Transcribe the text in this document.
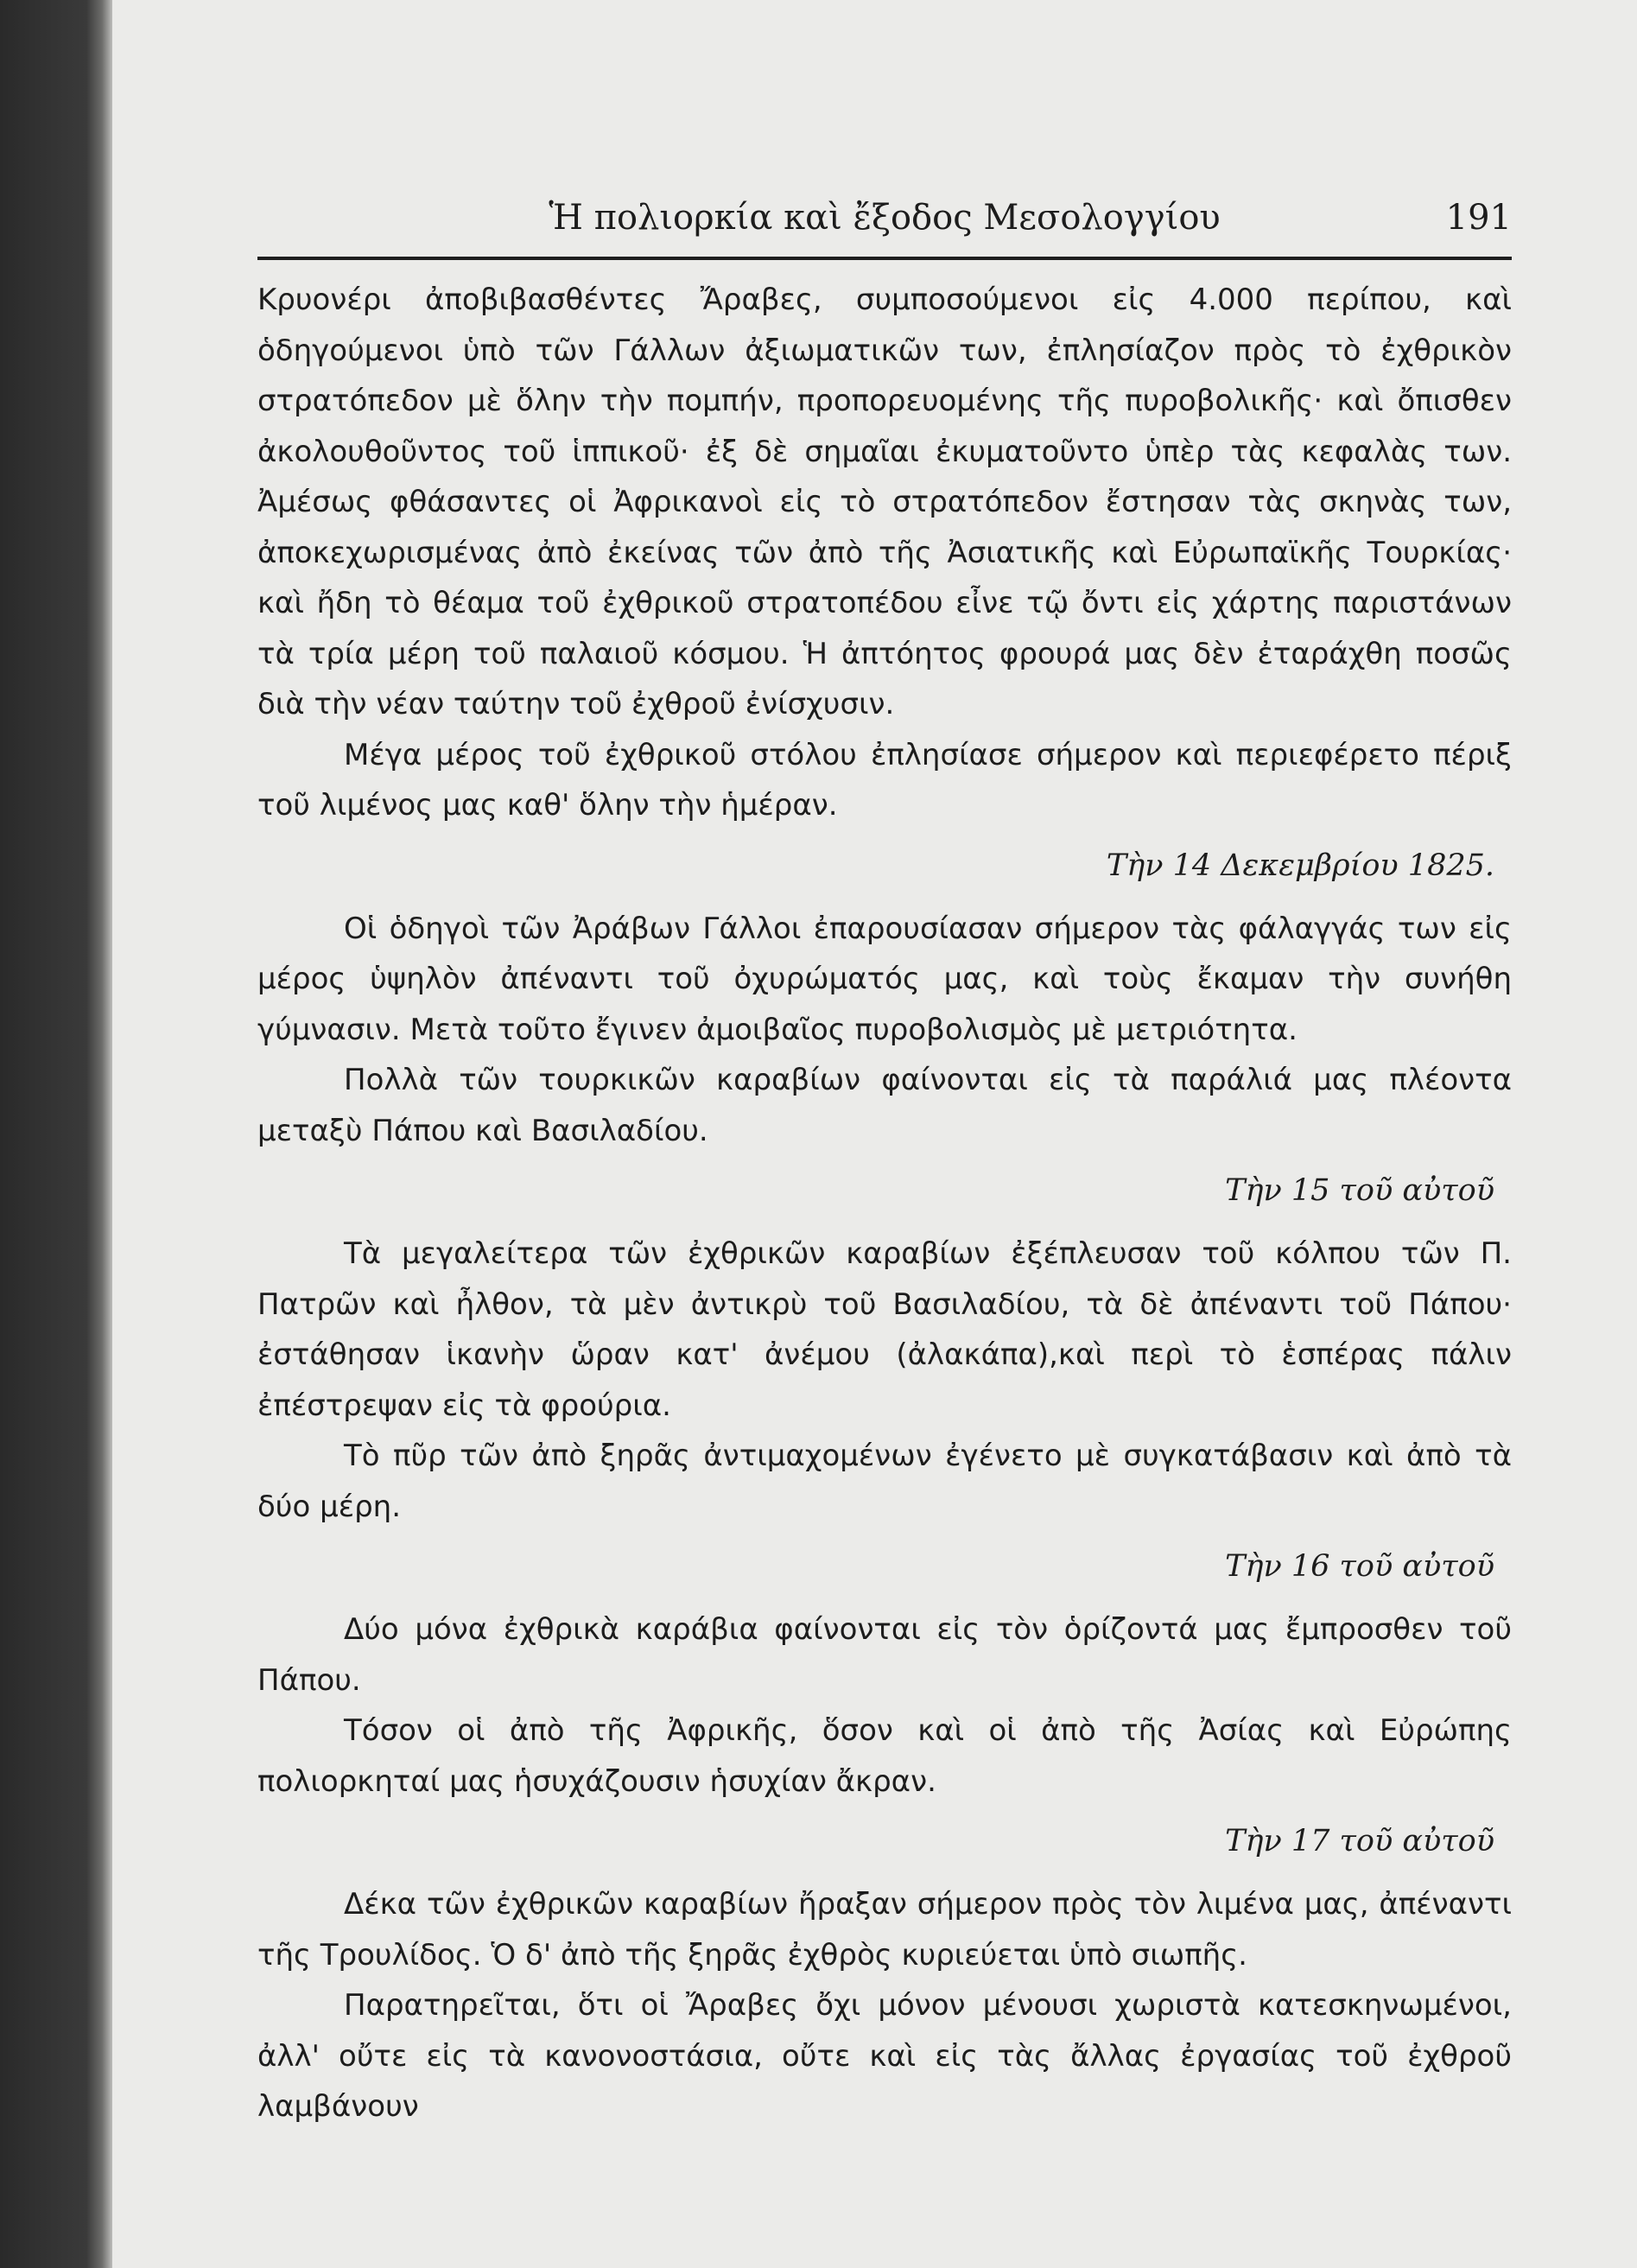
Ἡ πολιορκία καὶ ἔξοδος Μεσολογγίου	191

Κρυονέρι ἀποβιβασθέντες Ἄραβες, συμποσούμενοι εἰς 4.000 περίπου, καὶ ὁδηγούμενοι ὑπὸ τῶν Γάλλων ἀξιωματικῶν των, ἐπλησίαζον πρὸς τὸ ἐχθρικὸν στρατόπεδον μὲ ὅλην τὴν πομπήν, προπορευομένης τῆς πυροβολικῆς· καὶ ὄπισθεν ἀκολουθοῦντος τοῦ ἱππικοῦ· ἐξ δὲ σημαῖαι ἐκυματοῦντο ὑπὲρ τὰς κεφαλὰς των. Ἀμέσως φθάσαντες οἱ Ἀφρικανοὶ εἰς τὸ στρατόπεδον ἔστησαν τὰς σκηνὰς των, ἀποκεχωρισμένας ἀπὸ ἐκείνας τῶν ἀπὸ τῆς Ἀσιατικῆς καὶ Εὐρωπαϊκῆς Τουρκίας· καὶ ἤδη τὸ θέαμα τοῦ ἐχθρικοῦ στρατοπέδου εἶνε τῷ ὄντι εἰς χάρτης παριστάνων τὰ τρία μέρη τοῦ παλαιοῦ κόσμου. Ἡ ἀπτόητος φρουρά μας δὲν ἐταράχθη ποσῶς διὰ τὴν νέαν ταύτην τοῦ ἐχθροῦ ἐνίσχυσιν.

Μέγα μέρος τοῦ ἐχθρικοῦ στόλου ἐπλησίασε σήμερον καὶ περιεφέρετο πέριξ τοῦ λιμένος μας καθ' ὅλην τὴν ἡμέραν.

Τὴν 14 Δεκεμβρίου 1825.

Οἱ ὁδηγοὶ τῶν Ἀράβων Γάλλοι ἐπαρουσίασαν σήμερον τὰς φάλαγγάς των εἰς μέρος ὑψηλὸν ἀπέναντι τοῦ ὀχυρώματός μας, καὶ τοὺς ἔκαμαν τὴν συνήθη γύμνασιν. Μετὰ τοῦτο ἔγινεν ἀμοιβαῖος πυροβολισμὸς μὲ μετριότητα.

Πολλὰ τῶν τουρκικῶν καραβίων φαίνονται εἰς τὰ παράλιά μας πλέοντα μεταξὺ Πάπου καὶ Βασιλαδίου.

Τὴν 15 τοῦ αὐτοῦ

Τὰ μεγαλείτερα τῶν ἐχθρικῶν καραβίων ἐξέπλευσαν τοῦ κόλπου τῶν Π. Πατρῶν καὶ ἦλθον, τὰ μὲν ἀντικρὺ τοῦ Βασιλαδίου, τὰ δὲ ἀπέναντι τοῦ Πάπου· ἐστάθησαν ἱκανὴν ὥραν κατ' ἀνέμου (ἀλακάπα),καὶ περὶ τὸ ἑσπέρας πάλιν ἐπέστρεψαν εἰς τὰ φρούρια.

Τὸ πῦρ τῶν ἀπὸ ξηρᾶς ἀντιμαχομένων ἐγένετο μὲ συγκατάβασιν καὶ ἀπὸ τὰ δύο μέρη.

Τὴν 16 τοῦ αὐτοῦ

Δύο μόνα ἐχθρικὰ καράβια φαίνονται εἰς τὸν ὁρίζοντά μας ἔμπροσθεν τοῦ Πάπου.

Τόσον οἱ ἀπὸ τῆς Ἀφρικῆς, ὅσον καὶ οἱ ἀπὸ τῆς Ἀσίας καὶ Εὐρώπης πολιορκηταί μας ἡσυχάζουσιν ἡσυχίαν ἄκραν.

Τὴν 17 τοῦ αὐτοῦ

Δέκα τῶν ἐχθρικῶν καραβίων ἤραξαν σήμερον πρὸς τὸν λιμένα μας, ἀπέναντι τῆς Τρουλίδος. Ὁ δ' ἀπὸ τῆς ξηρᾶς ἐχθρὸς κυριεύεται ὑπὸ σιωπῆς.

Παρατηρεῖται, ὅτι οἱ Ἄραβες ὄχι μόνον μένουσι χωριστὰ κατεσκηνωμένοι, ἀλλ' οὔτε εἰς τὰ κανονοστάσια, οὔτε καὶ εἰς τὰς ἄλλας ἐργασίας τοῦ ἐχθροῦ λαμβάνουν
